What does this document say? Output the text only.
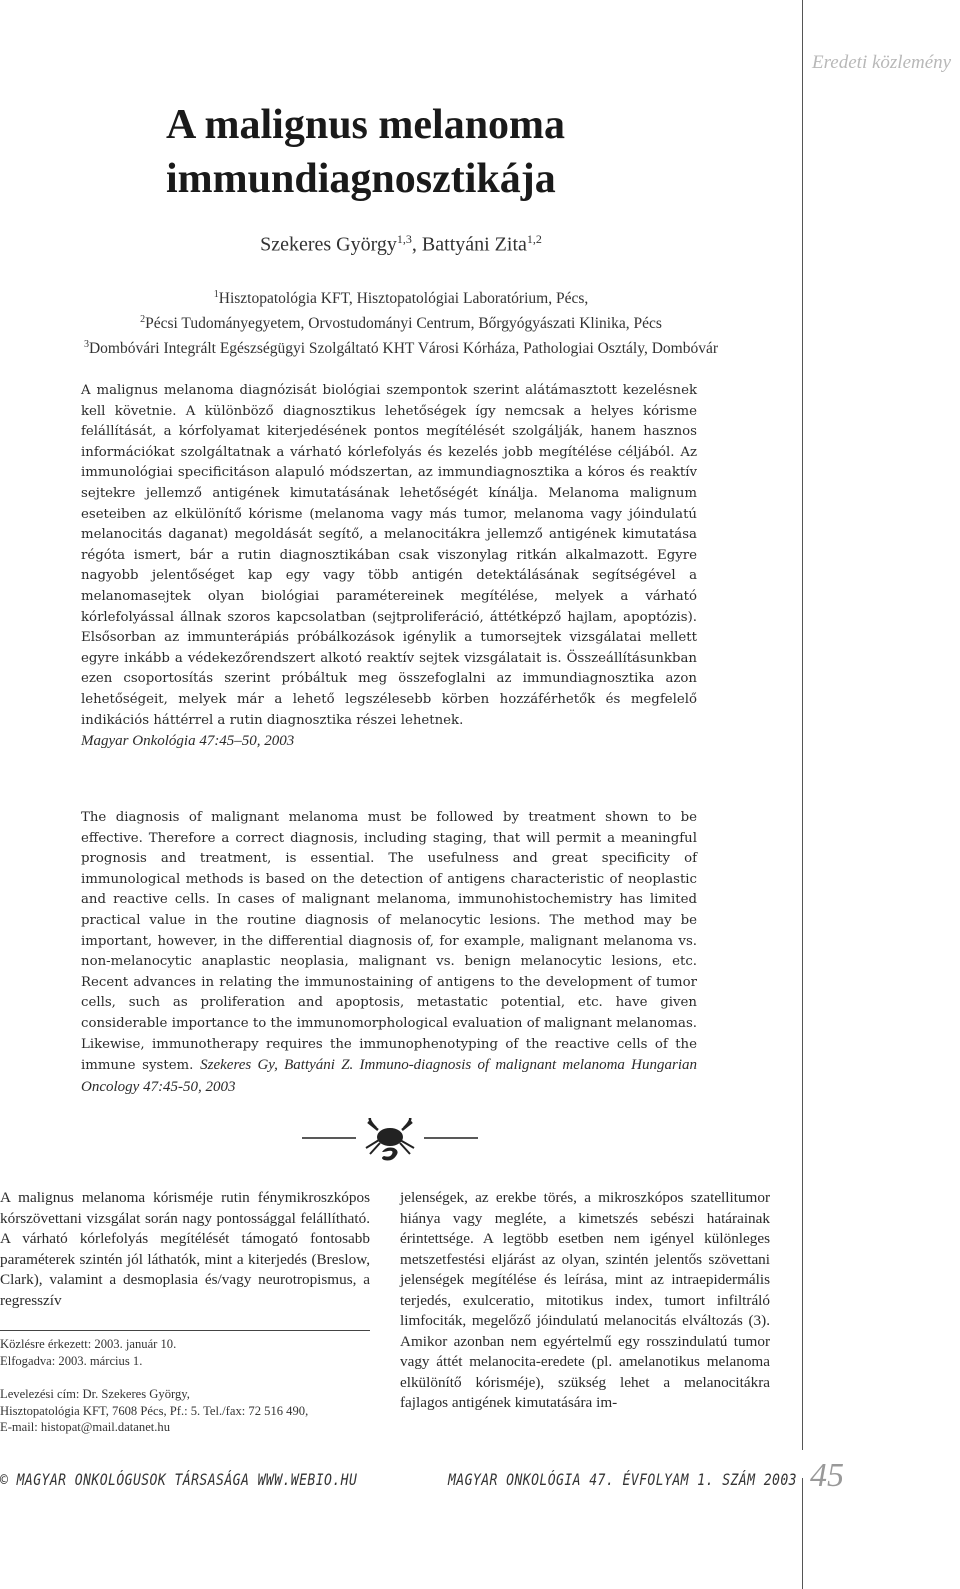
Eredeti közlemény
A malignus melanoma
immundiagnosztikája
Szekeres György$^{1,3}$, Battyáni Zita$^{1,2}$
$^1$Hisztopatológia KFT, Hisztopatológiai Laboratórium, Pécs,
$^2$Pécsi Tudományegyetem, Orvostudományi Centrum, Bőrgyógyászati Klinika, Pécs
$^3$Dombóvári Integrált Egészségügyi Szolgáltató KHT Városi Kórháza, Pathologiai Osztály, Dombóvár
A malignus melanoma diagnózisát biológiai szempontok szerint alátámasztott kezelésnek kell követnie. A különböző diagnosztikus lehetőségek így nemcsak a helyes kórisme felállítását, a kórfolyamat kiterjedésének pontos megítélését szolgálják, hanem hasznos információkat szolgáltatnak a várható kórlefolyás és kezelés jobb megítélése céljából. Az immunológiai specificitáson alapuló módszertan, az immundiagnosztika a kóros és reaktív sejtekre jellemző antigének kimutatásának lehetőségét kínálja. Melanoma malignum eseteiben az elkülönítő kórisme (melanoma vagy más tumor, melanoma vagy jóindulatú melanocitás daganat) megoldását segítő, a melanocitákra jellemző antigének kimutatása régóta ismert, bár a rutin diagnosztikában csak viszonylag ritkán alkalmazott. Egyre nagyobb jelentőséget kap egy vagy több antigén detektálásának segítségével a melanomasejtek olyan biológiai paramétereinek megítélése, melyek a várható kórlefolyással állnak szoros kapcsolatban (sejtproliferáció, áttétképző hajlam, apoptózis). Elsősorban az immunterápiás próbálkozások igénylik a tumorsejtek vizsgálatai mellett egyre inkább a védekezőrendszert alkotó reaktív sejtek vizsgálatait is. Összeállításunkban ezen csoportosítás szerint próbáltuk meg összefoglalni az immundiagnosztika azon lehetőségeit, melyek már a lehető legszélesebb körben hozzáférhetők és megfelelő indikációs háttérrel a rutin diagnosztika részei lehetnek.
Magyar Onkológia 47:45–50, 2003
The diagnosis of malignant melanoma must be followed by treatment shown to be effective. Therefore a correct diagnosis, including staging, that will permit a meaningful prognosis and treatment, is essential. The usefulness and great specificity of immunological methods is based on the detection of antigens characteristic of neoplastic and reactive cells. In cases of malignant melanoma, immunohistochemistry has limited practical value in the routine diagnosis of melanocytic lesions. The method may be important, however, in the differential diagnosis of, for example, malignant melanoma vs. non-melanocytic anaplastic neoplasia, malignant vs. benign melanocytic lesions, etc. Recent advances in relating the immunostaining of antigens to the development of tumor cells, such as proliferation and apoptosis, metastatic potential, etc. have given considerable importance to the immunomorphological evaluation of malignant melanomas. Likewise, immunotherapy requires the immunophenotyping of the reactive cells of the immune system. Szekeres Gy, Battyáni Z. Immuno-diagnosis of malignant melanoma Hungarian Oncology 47:45-50, 2003
A malignus melanoma kórisméje rutin fénymikroszkópos kórszövettani vizsgálat során nagy pontossággal felállítható. A várható kórlefolyás megítélését támogató fontosabb paraméterek szintén jól láthatók, mint a kiterjedés (Breslow, Clark), valamint a desmoplasia és/vagy neurotropismus, a regresszív
jelenségek, az erekbe törés, a mikroszkópos szatellitumor hiánya vagy megléte, a kimetszés sebészi határainak érintettsége. A legtöbb esetben nem igényel különleges metszetfestési eljárást az olyan, szintén jelentős szövettani jelenségek megítélése és leírása, mint az intraepidermális terjedés, exulceratio, mitotikus index, tumort infiltráló limfociták, megelőző jóindulatú melanocitás elváltozás (3). Amikor azonban nem egyértelmű egy rosszindulatú tumor vagy áttét melanocita-eredete (pl. amelanotikus melanoma elkülönítő kórisméje), szükség lehet a melanocitákra fajlagos antigének kimutatására im-

Közlésre érkezett: 2003. január 10.

Elfogadva: 2003. március 1.

Levelezési cím: Dr. Szekeres György,

Hisztopatológia KFT, 7608 Pécs, Pf.: 5. Tel./fax: 72 516 490,

E-mail: histopat@mail.datanet.hu

© MAGYAR ONKOLÓGUSOK TÁRSASÁGA WWW.WEBIO.HU	MAGYAR ONKOLÓGIA 47. ÉVFOLYAM 1. SZÁM 2003 45
